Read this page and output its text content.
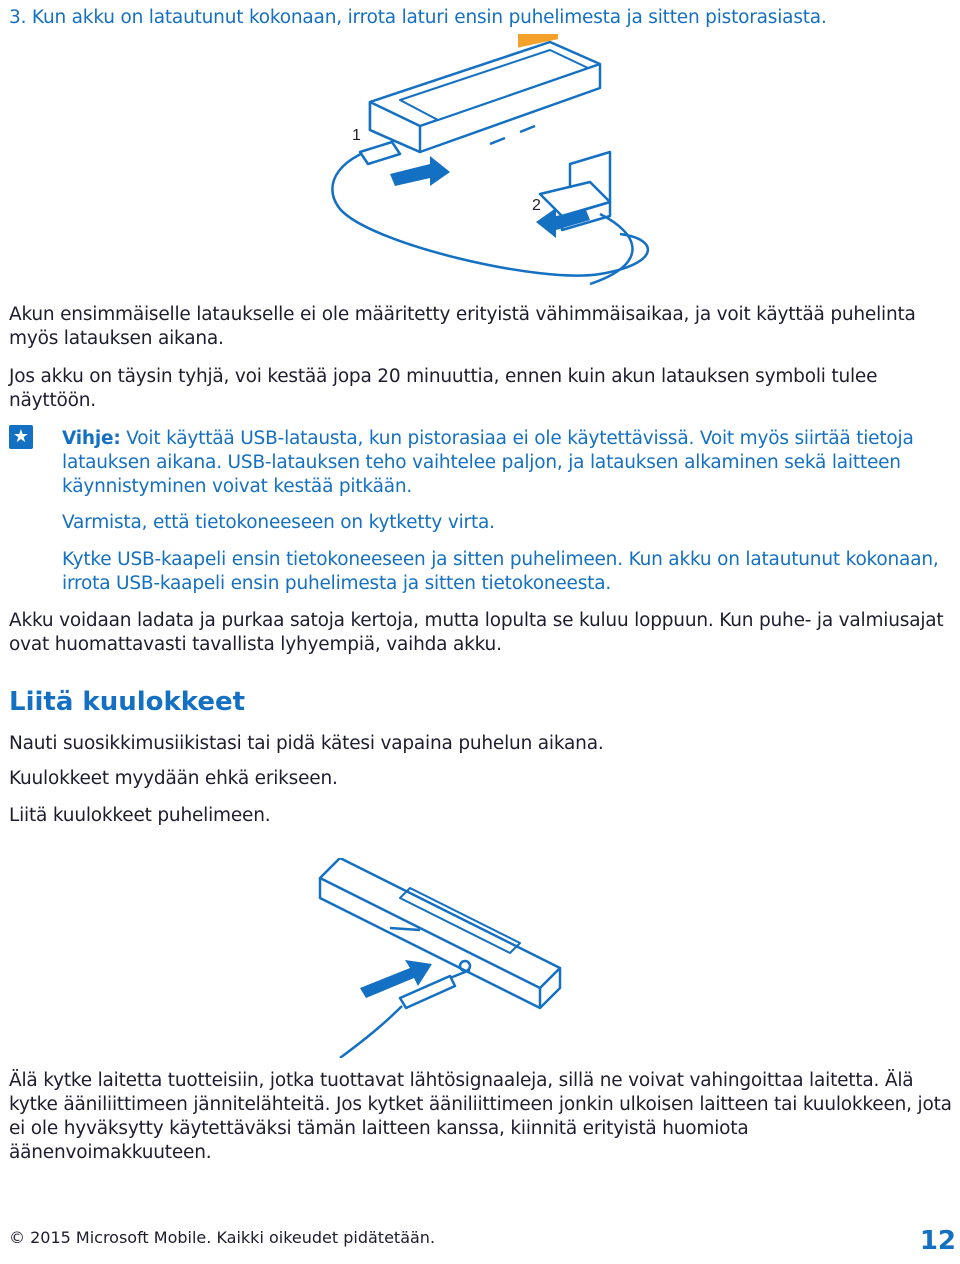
3. Kun akku on latautunut kokonaan, irrota laturi ensin puhelimesta ja sitten pistorasiasta.
1
2
Akun ensimmäiselle lataukselle ei ole määritetty erityistä vähimmäisaikaa, ja voit käyttää puhelinta myös latauksen aikana.
Jos akku on täysin tyhjä, voi kestää jopa 20 minuuttia, ennen kuin akun latauksen symboli tulee näyttöön.
★ Vihje: Voit käyttää USB-latausta, kun pistorasiaa ei ole käytettävissä. Voit myös siirtää tietoja latauksen aikana. USB-latauksen teho vaihtelee paljon, ja latauksen alkaminen sekä laitteen käynnistyminen voivat kestää pitkään.
Varmista, että tietokoneeseen on kytketty virta.
Kytke USB-kaapeli ensin tietokoneeseen ja sitten puhelimeen. Kun akku on latautunut kokonaan, irrota USB-kaapeli ensin puhelimesta ja sitten tietokoneesta.
Akku voidaan ladata ja purkaa satoja kertoja, mutta lopulta se kuluu loppuun. Kun puhe- ja valmiusajat ovat huomattavasti tavallista lyhyempiä, vaihda akku.
Liitä kuulokkeet
Nauti suosikkimusiikistasi tai pidä kätesi vapaina puhelun aikana.
Kuulokkeet myydään ehkä erikseen.
Liitä kuulokkeet puhelimeen.
Älä kytke laitetta tuotteisiin, jotka tuottavat lähtösignaaleja, sillä ne voivat vahingoittaa laitetta. Älä kytke ääniliittimeen jännitelähteitä. Jos kytket ääniliittimeen jonkin ulkoisen laitteen tai kuulokkeen, jota ei ole hyväksytty käytettäväksi tämän laitteen kanssa, kiinnitä erityistä huomiota äänenvoimakkuuteen.
© 2015 Microsoft Mobile. Kaikki oikeudet pidätetään.	12
